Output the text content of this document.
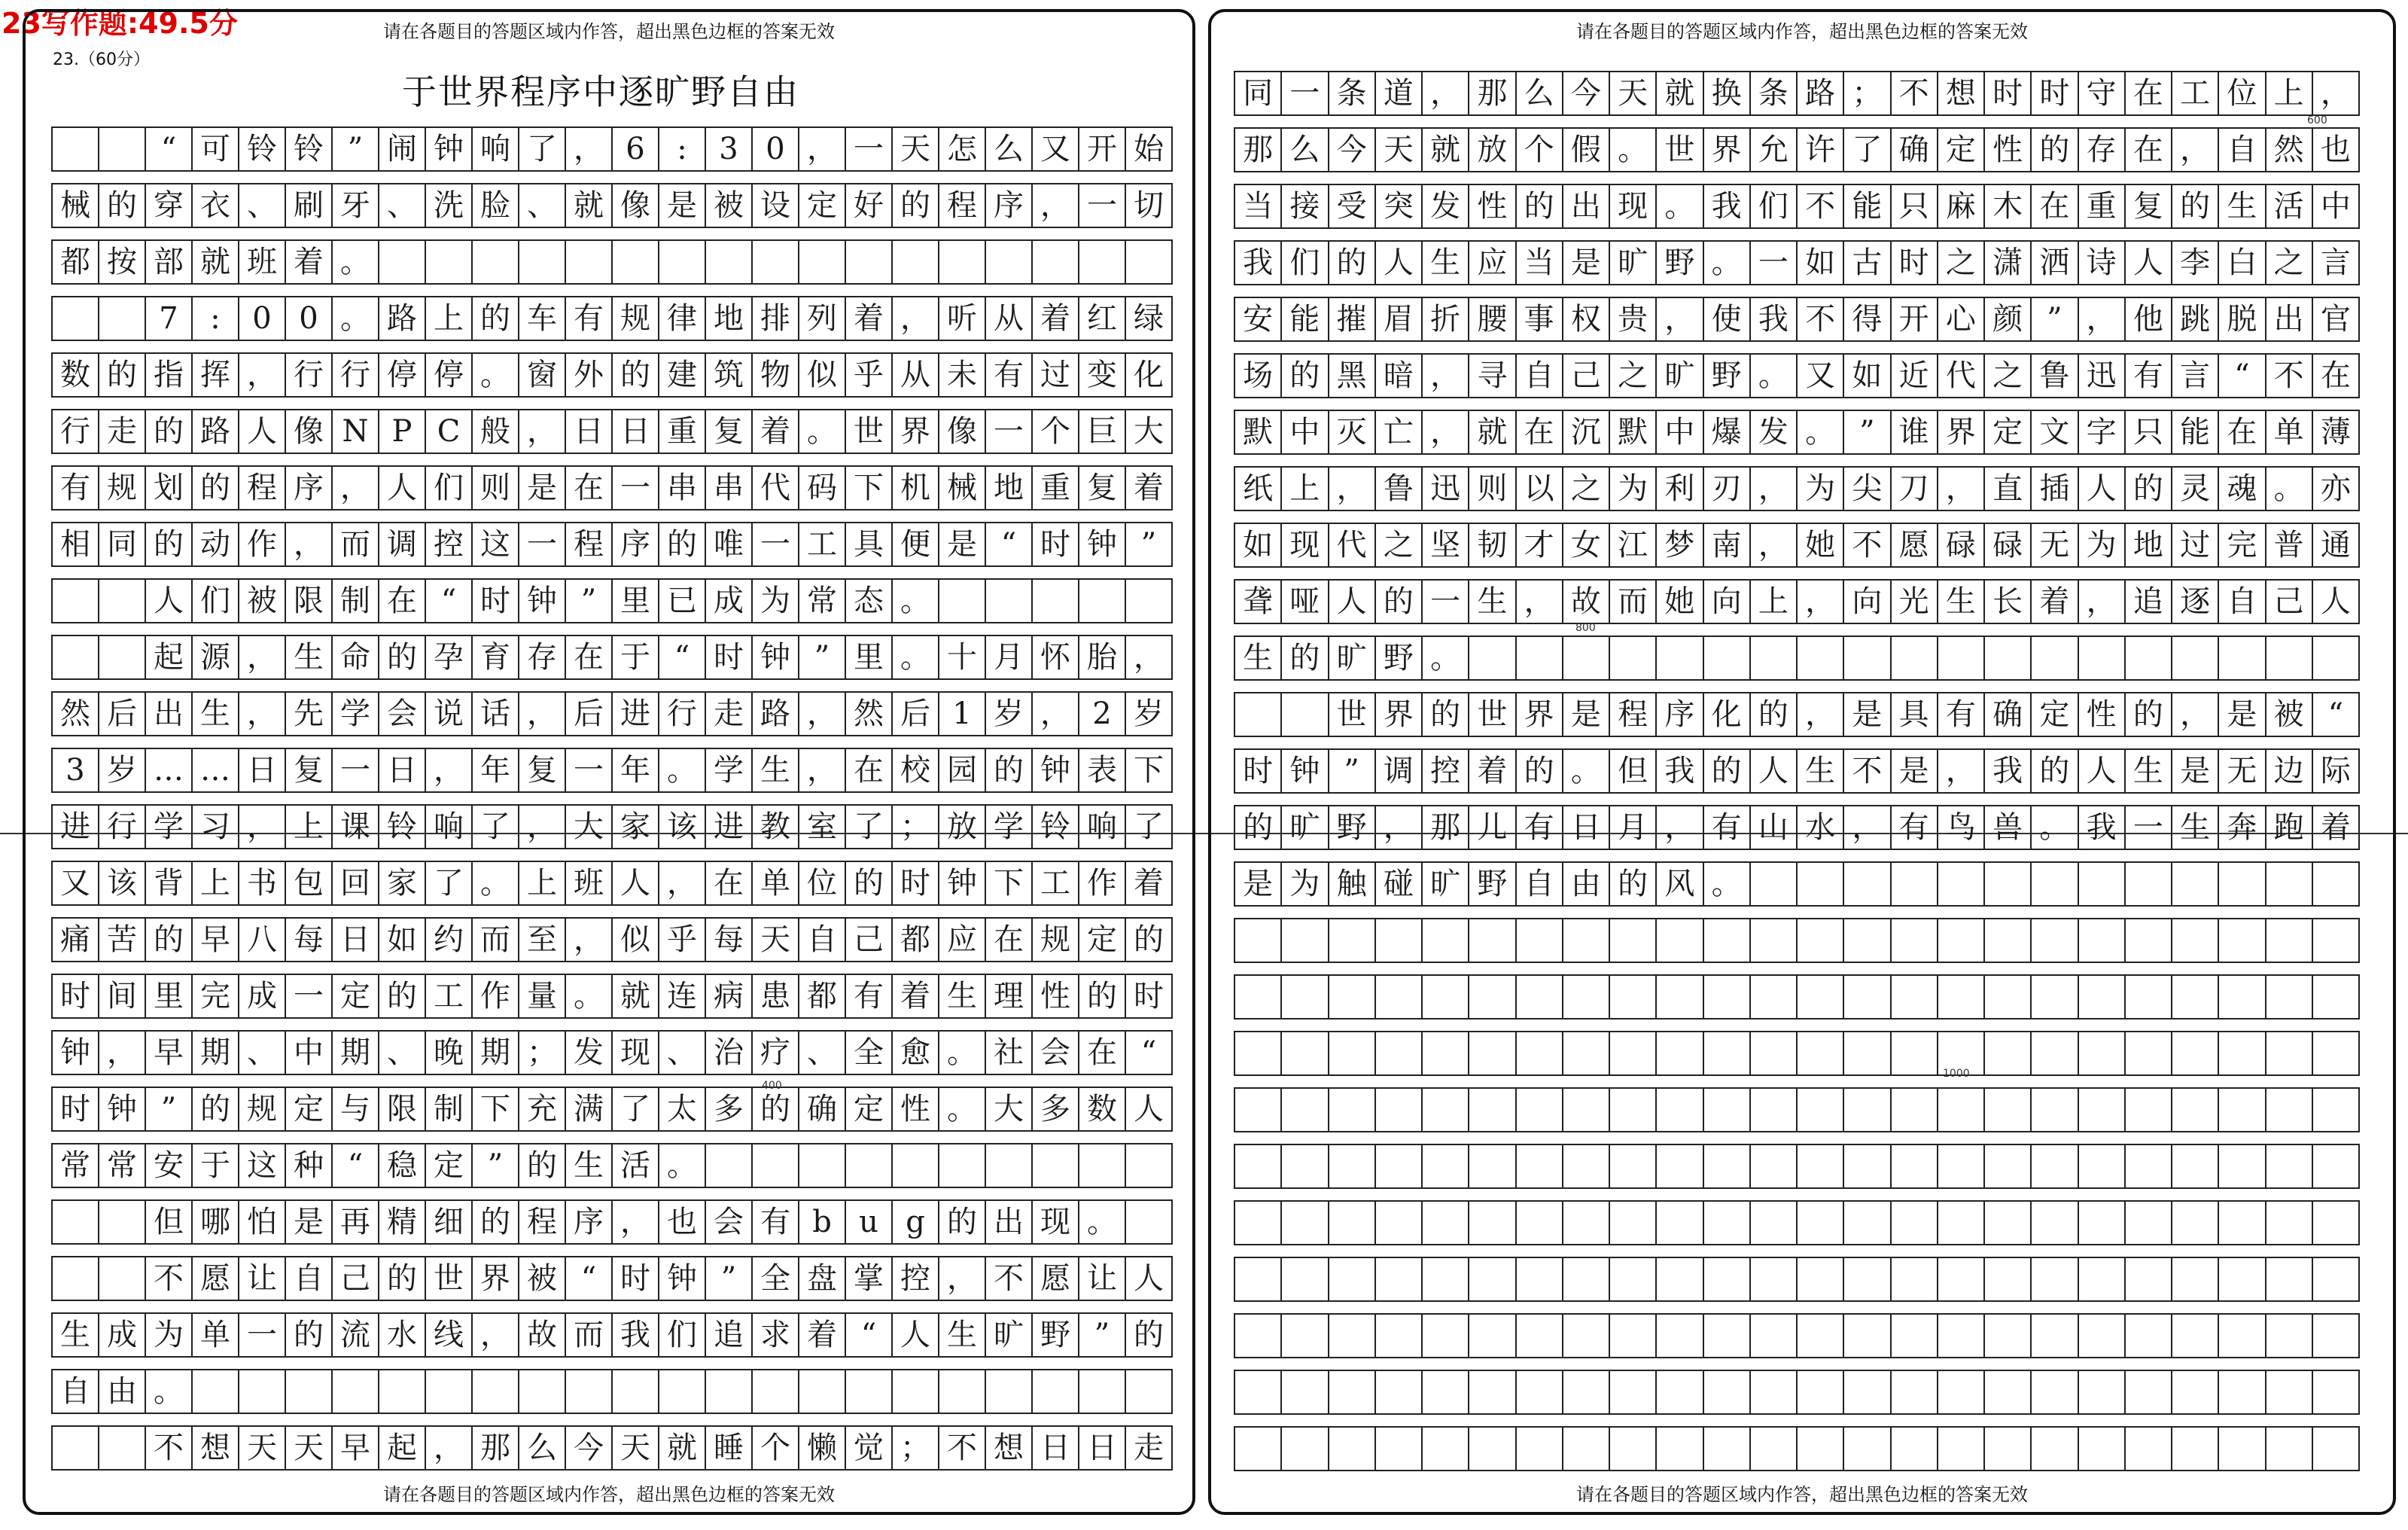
23写作题:49.5分	请在各题目的答题区域内作答，超出黑色边框的答案无效
23.（60分）
于世界程序中逐旷野自由
“ 可 铃 铃 ” 闹 钟 响 了 ， 6	:	3 0 ， 一 天 怎 么 又 开 始
械 的 穿 衣 、 刷 牙 、 洗 脸 、 就 像 是 被 设 定 好 的 程 序 ， 一 切
都 按 部 就 班 着 。
7	:	0 0 。 路 上 的 车 有 规 律 地 排 列 着 ， 听 从 着 红 绿
数 的 指 挥 ， 行 行 停 停 。 窗 外 的 建 筑 物 似 乎 从 未 有 过 变 化
行 走 的 路 人 像 N P C 般 ， 日 日 重 复 着 。 世 界 像 一 个 巨 大
有 规 划 的 程 序 ， 人 们 则 是 在 一 串 串 代 码 下 机 械 地 重 复 着
相 同 的 动 作 ， 而 调 控 这 一 程 序 的 唯 一 工 具 便 是 “ 时 钟 ”
人 们 被 限 制 在 “ 时 钟 ” 里 已 成 为 常 态 。
起 源 ， 生 命 的 孕 育 存 在 于 “ 时 钟 ” 里 。 十 月 怀 胎 ，
然 后 出 生 ， 先 学 会 说 话 ， 后 进 行 走 路 ， 然 后 1 岁 ， 2 岁
3 岁 … … 日 复 一 日 ， 年 复 一 年 。 学 生 ， 在 校 园 的 钟 表 下
进 行 学 习 ， 上 课 铃 响 了 ， 大 家 该 进 教 室 了 ； 放 学 铃 响 了
又 该 背 上 书 包 回 家 了 。 上 班 人 ， 在 单 位 的 时 钟 下 工 作 着
痛 苦 的 早 八 每 日 如 约 而 至 ， 似 乎 每 天 自 己 都 应 在 规 定 的
时 间 里 完 成 一 定 的 工 作 量 。 就 连 病 患 都 有 着 生 理 性 的 时
钟 ， 早 期 、 中 期 、 晚 期 ； 发 现 、 治 疗 、 全 愈 。 社 会 在 “
时 钟 ” 的 规 定 与 限 制 下 充 满 了 太 多 的 确 定 性 。 大 多 数 人
常 常 安 于 这 种 “ 稳 定 ” 的 生 活 。
但 哪 怕 是 再 精 细 的 程 序 ， 也 会 有 b u g 的 出 现 。
不 愿 让 自 己 的 世 界 被 “ 时 钟 ” 全 盘 掌 控 ， 不 愿 让 人
生 成 为 单 一 的 流 水 线 ， 故 而 我 们 追 求 着 “ 人 生 旷 野 ” 的
自 由 。
不 想 天 天 早 起 ， 那 么 今 天 就 睡 个 懒 觉 ； 不 想 日 日 走
400
请在各题目的答题区域内作答，超出黑色边框的答案无效
请在各题目的答题区域内作答，超出黑色边框的答案无效
同 一 条 道 ， 那 么 今 天 就 换 条 路 ； 不 想 时 时 守 在 工 位 上 ，
那 么 今 天 就 放 个 假 。 世 界 允 许 了 确 定 性 的 存 在 ， 自 然 也
当 接 受 突 发 性 的 出 现 。 我 们 不 能 只 麻 木 在 重 复 的 生 活 中
我 们 的 人 生 应 当 是 旷 野 。 一 如 古 时 之 潇 洒 诗 人 李 白 之 言
安 能 摧 眉 折 腰 事 权 贵 ， 使 我 不 得 开 心 颜 ” ， 他 跳 脱 出 官
场 的 黑 暗 ， 寻 自 己 之 旷 野 。 又 如 近 代 之 鲁 迅 有 言 “ 不 在
默 中 灭 亡 ， 就 在 沉 默 中 爆 发 。 ” 谁 界 定 文 字 只 能 在 单 薄
纸 上 ， 鲁 迅 则 以 之 为 利 刃 ， 为 尖 刀 ， 直 插 人 的 灵 魂 。 亦
如 现 代 之 坚 韧 才 女 江 梦 南 ， 她 不 愿 碌 碌 无 为 地 过 完 普 通
聋 哑 人 的 一 生 ， 故 而 她 向 上 ， 向 光 生 长 着 ， 追 逐 自 己 人
生 的 旷 野 。
世 界 的 世 界 是 程 序 化 的 ， 是 具 有 确 定 性 的 ， 是 被 “
时 钟 ” 调 控 着 的 。 但 我 的 人 生 不 是 ， 我 的 人 生 是 无 边 际
的 旷 野 ， 那 儿 有 日 月 ， 有 山 水 ， 有 鸟 兽 。 我 一 生 奔 跑 着
是 为 触 碰 旷 野 自 由 的 风 。
600
800
1000
请在各题目的答题区域内作答，超出黑色边框的答案无效
